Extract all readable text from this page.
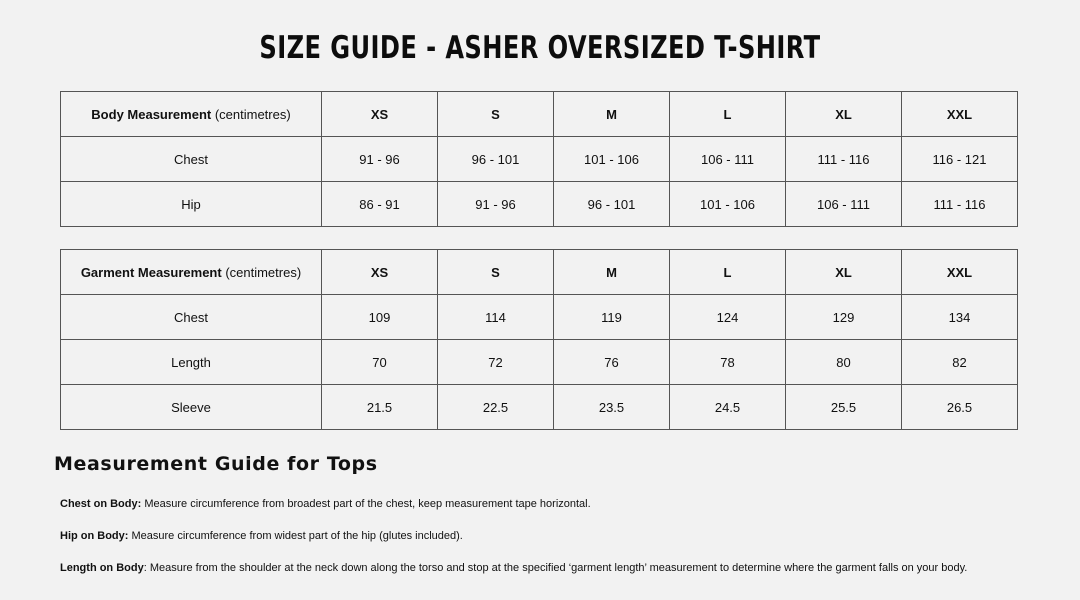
SIZE GUIDE - ASHER OVERSIZED T-SHIRT
Body Measurement (centimetres)	XS	S	M	L	XL	XXL
Chest	91 - 96	96 - 101	101 - 106	106 - 111	111 - 116	116 - 121
Hip	86 - 91	91 - 96	96 - 101	101 - 106	106 - 111	111 - 116
Garment Measurement (centimetres)	XS	S	M	L	XL	XXL
Chest	109	114	119	124	129	134
Length	70	72	76	78	80	82
Sleeve	21.5	22.5	23.5	24.5	25.5	26.5
Measurement Guide for Tops
Chest on Body: Measure circumference from broadest part of the chest, keep measurement tape horizontal.
Hip on Body: Measure circumference from widest part of the hip (glutes included).
Length on Body: Measure from the shoulder at the neck down along the torso and stop at the specified ‘garment length’ measurement to determine where the garment falls on your body.
